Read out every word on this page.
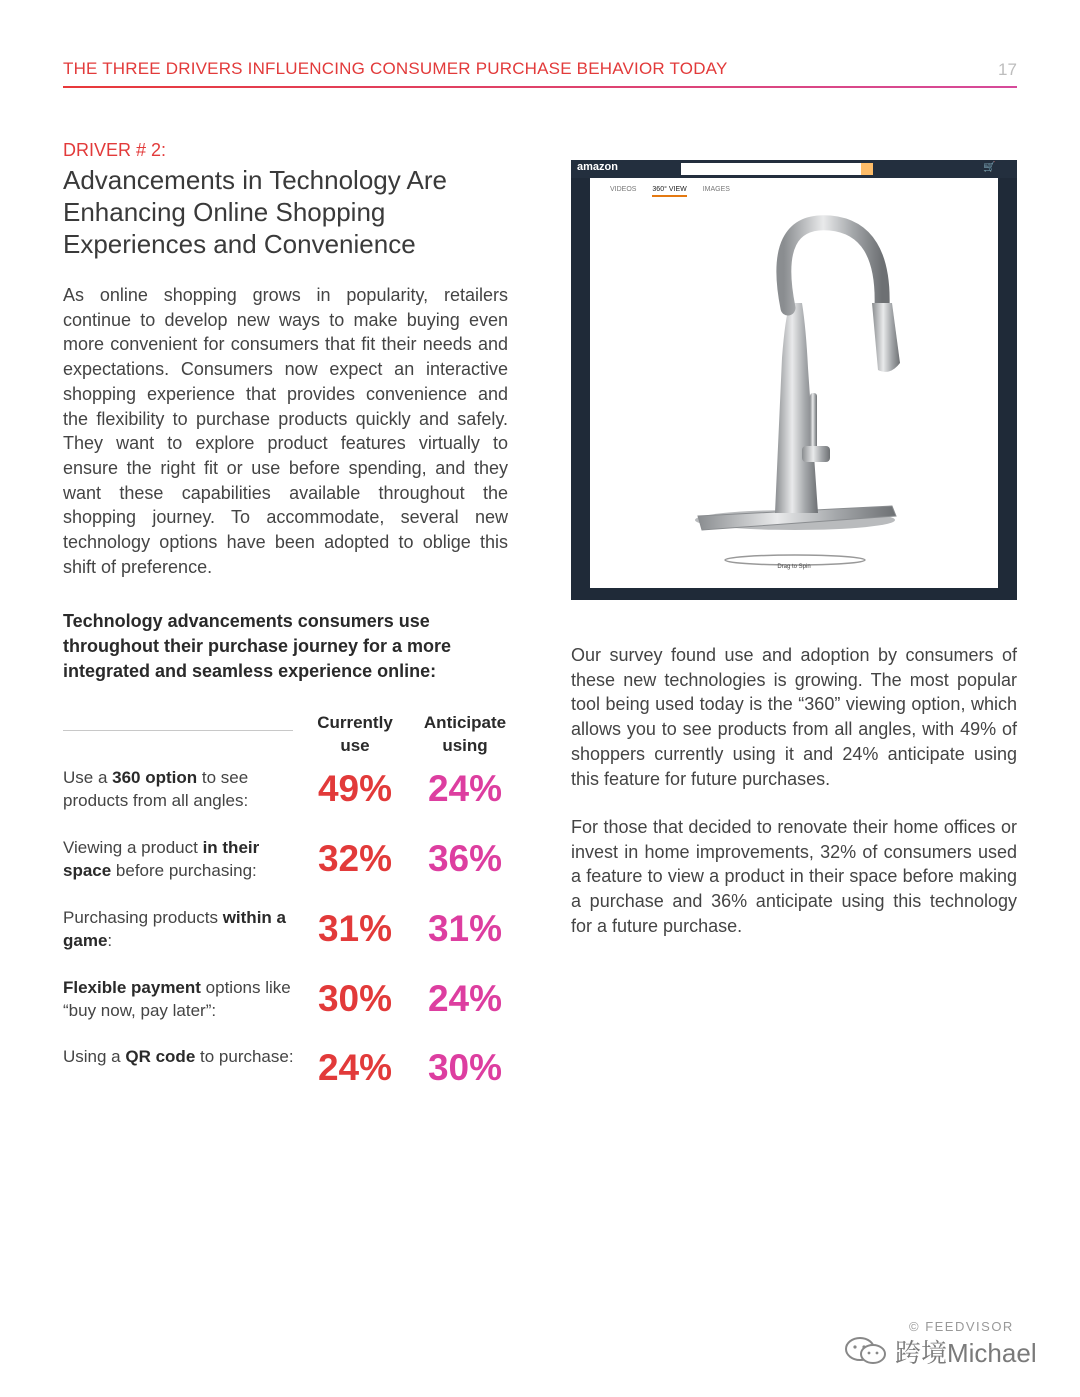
THE THREE DRIVERS INFLUENCING CONSUMER PURCHASE BEHAVIOR TODAY	17
DRIVER # 2:
Advancements in Technology Are Enhancing Online Shopping Experiences and Convenience
As online shopping grows in popularity, retailers continue to develop new ways to make buying even more convenient for consumers that fit their needs and expectations. Consumers now expect an interactive shopping experience that provides convenience and the flexibility to purchase products quickly and safely. They want to explore product features virtually to ensure the right fit or use before spending, and they want these capabilities available throughout the shopping journey. To accommodate, several new technology options have been adopted to oblige this shift of preference.
Technology advancements consumers use throughout their purchase journey for a more integrated and seamless experience online:
Currently use
Anticipate using
Use a 360 option to see products from all angles:	49% 24%
Viewing a product in their space before purchasing:	32% 36%
Purchasing products within a game:	31% 31%
Flexible payment options like “buy now, pay later”:	30% 24%
Using a QR code to purchase: 24% 30%
amazon	🛒
VIDEOS 360° VIEW IMAGES
Drag to Spin
Our survey found use and adoption by consumers of these new technologies is growing. The most popular tool being used today is the “360” viewing option, which allows you to see products from all angles, with 49% of shoppers currently using it and 24% anticipate using this feature for future purchases.
For those that decided to renovate their home offices or invest in home improvements, 32% of consumers used a feature to view a product in their space before making a purchase and 36% anticipate using this technology for a future purchase.
© FEEDVISOR
跨境Michael
